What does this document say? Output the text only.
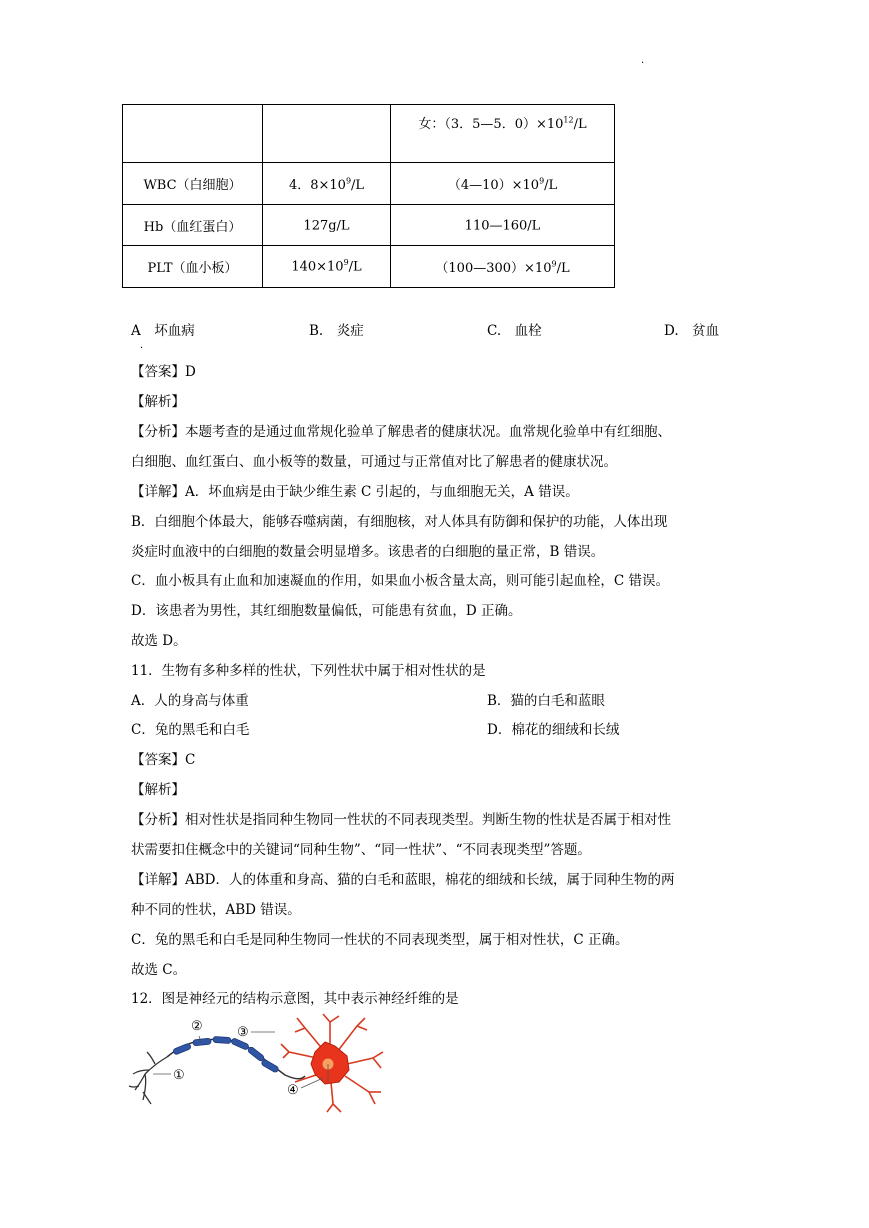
.
		女：（3．5—5．$0)\times 10^{12}/L$
WBC（白细胞）	4．$8\times 10^9/L$	$(4—10)\times 10^9/L$
Hb（血红蛋白）	127g/L	110—160/L
PLT（血小板）	$140\times 10^9/L$	$(100—300)\times 10^9/L$
A　坏血病	B.　炎症	C.　血栓	D.　贫血
．
【答案】D
【解析】
【分析】本题考查的是通过血常规化验单了解患者的健康状况。血常规化验单中有红细胞、
白细胞、血红蛋白、血小板等的数量，可通过与正常值对比了解患者的健康状况。
【详解】A．坏血病是由于缺少维生素 C 引起的，与血细胞无关，A 错误。
B．白细胞个体最大，能够吞噬病菌，有细胞核，对人体具有防御和保护的功能，人体出现
炎症时血液中的白细胞的数量会明显增多。该患者的白细胞的量正常，B 错误。
C．血小板具有止血和加速凝血的作用，如果血小板含量太高，则可能引起血栓，C 错误。
D．该患者为男性，其红细胞数量偏低，可能患有贫血，D 正确。
故选 D。
11．生物有多种多样的性状，下列性状中属于相对性状的是
A．人的身高与体重	B．猫的白毛和蓝眼
C．兔的黑毛和白毛	D．棉花的细绒和长绒
【答案】C
【解析】
【分析】相对性状是指同种生物同一性状的不同表现类型。判断生物的性状是否属于相对性
状需要扣住概念中的关键词“同种生物”、“同一性状”、“不同表现类型”答题。
【详解】ABD．人的体重和身高、猫的白毛和蓝眼，棉花的细绒和长绒，属于同种生物的两
种不同的性状，ABD 错误。
C．兔的黑毛和白毛是同种生物同一性状的不同表现类型，属于相对性状，C 正确。
故选 C。
12．图是神经元的结构示意图，其中表示神经纤维的是
①
②	③
④
